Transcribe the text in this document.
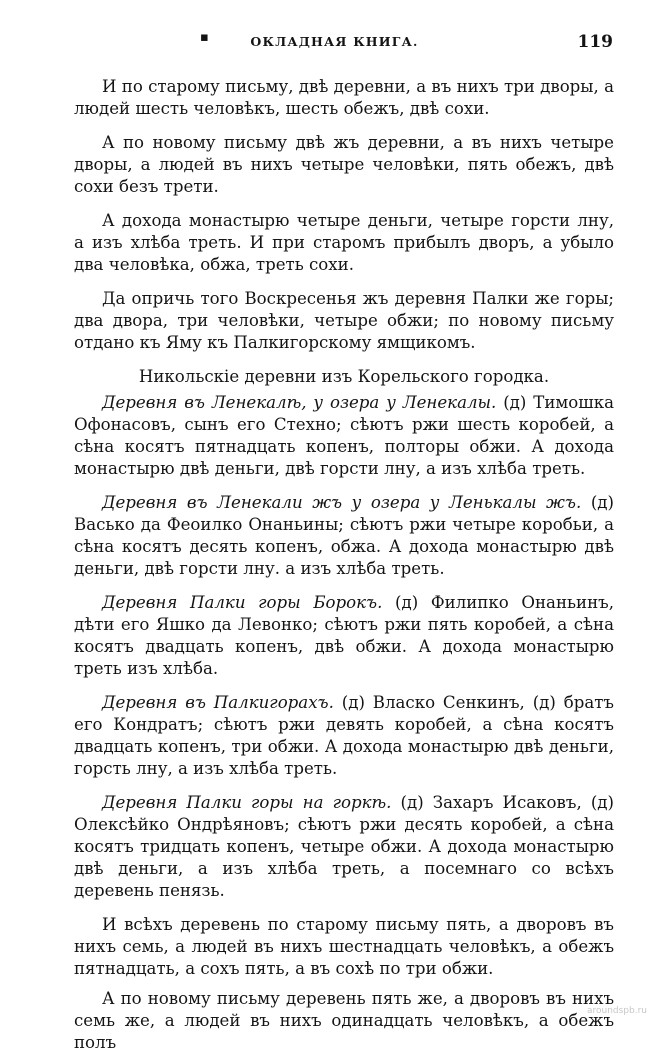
▪	ОКЛАДНАЯ КНИГА.	119

И по старому письму, двѣ деревни, а въ нихъ три дворы, а людей шесть человѣкъ, шесть обежъ, двѣ сохи.

А по новому письму двѣ жъ деревни, а въ нихъ четыре дворы, а людей въ нихъ четыре человѣки, пять обежъ, двѣ сохи безъ трети.

А дохода монастырю четыре деньги, четыре горсти лну, а изъ хлѣба треть. И при старомъ прибылъ дворъ, а убыло два человѣка, обжа, треть сохи.

Да опричь того Воскресенья жъ деревня Палки же горы; два двора, три человѣки, четыре обжи; по новому письму отдано къ Яму къ Палкигорскому ямщикомъ.

Никольскіе деревни изъ Корельского городка.

Деревня въ Ленекалѣ, у озера у Ленекалы. (д) Тимошка Офонасовъ, сынъ его Стехно; сѣютъ ржи шесть коробей, а сѣна косятъ пятнадцать копенъ, полторы обжи. А дохода монастырю двѣ деньги, двѣ горсти лну, а изъ хлѣба треть.

Деревня въ Ленекали жъ у озера у Ленькалы жъ. (д) Васько да Феоилко Онаньины; сѣютъ ржи четыре коробьи, а сѣна косятъ десять копенъ, обжа. А дохода монастырю двѣ деньги, двѣ горсти лну. а изъ хлѣба треть.

Деревня Палки горы Борокъ. (д) Филипко Онаньинъ, дѣти его Яшко да Левонко; сѣютъ ржи пять коробей, а сѣна косятъ двадцать копенъ, двѣ обжи. А дохода монастырю треть изъ хлѣба.

Деревня въ Палкигорахъ. (д) Власко Сенкинъ, (д) братъ его Кондратъ; сѣютъ ржи девять коробей, а сѣна косятъ двадцать копенъ, три обжи. А дохода монастырю двѣ деньги, горсть лну, а изъ хлѣба треть.

Деревня Палки горы на горкѣ. (д) Захаръ Исаковъ, (д) Олексѣйко Ондрѣяновъ; сѣютъ ржи десять коробей, а сѣна косятъ тридцать копенъ, четыре обжи. А дохода монастырю двѣ деньги, а изъ хлѣба треть, а посемнаго со всѣхъ деревень пенязь.

И всѣхъ деревень по старому письму пять, а дворовъ въ нихъ семь, а людей въ нихъ шестнадцать человѣкъ, а обежъ пятнадцать, а сохъ пять, а въ сохѣ по три обжи.

А по новому письму деревень пять же, а дворовъ въ нихъ семь же, а людей въ нихъ одинадцать человѣкъ, а обежъ полъ

aroundspb.ru
